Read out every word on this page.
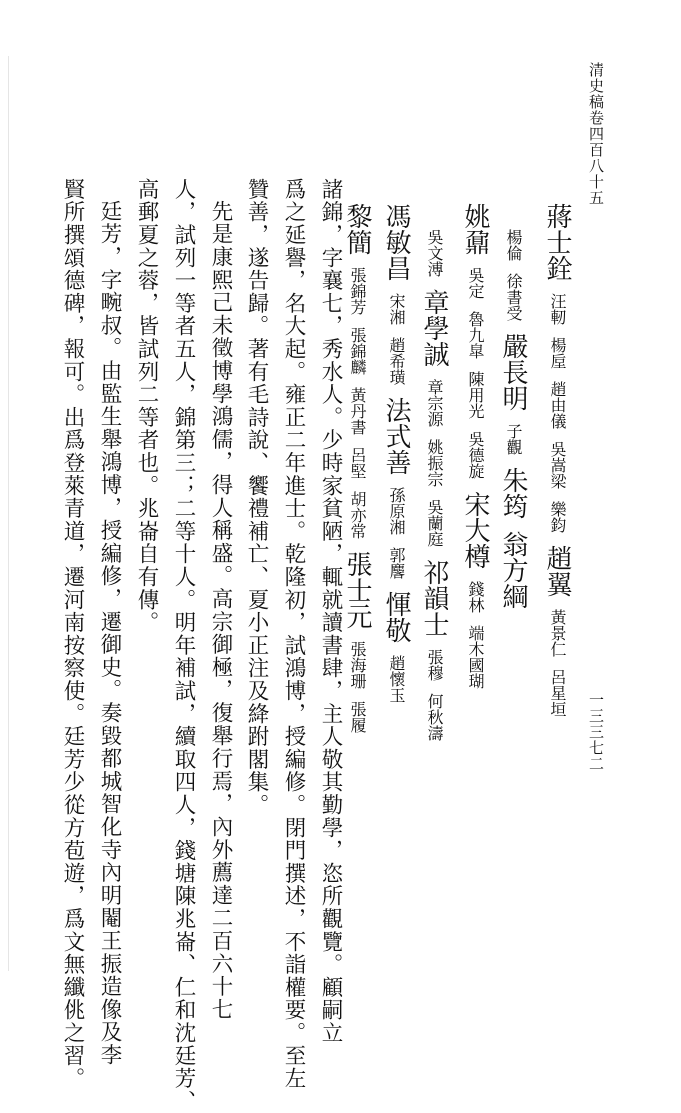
清史稿卷四百八十五
一三三七二
蔣士銓汪軔楊垕趙由儀吳嵩梁樂鈞趙翼黃景仁呂星垣
楊倫徐書受嚴長明子觀朱筠翁方綱
姚鼐吳定魯九皐陳用光吳德旋宋大樽錢林端木國瑚
吳文溥章學誠章宗源姚振宗吳蘭庭祁韻士張穆何秋濤
馮敏昌宋湘趙希璜法式善孫原湘郭麐惲敬趙懷玉
黎簡張錦芳張錦麟黃丹書呂堅胡亦常張士元張海珊張履
諸錦，字襄七，秀水人。少時家貧陋，輒就讀書肆，主人敬其勤學，恣所觀覽。顧嗣立
爲之延譽，名大起。雍正二年進士。乾隆初，試鴻博，授編修。閉門撰述，不詣權要。至左
贊善，遂告歸。著有毛詩說、饗禮補亡、夏小正注及絳跗閣集。
先是康熙己未徵博學鴻儒，得人稱盛。高宗御極，復舉行焉，內外薦達二百六十七
人，試列一等者五人，錦第三；二等十人。明年補試，續取四人，錢塘陳兆崙、仁和沈廷芳、
高郵夏之蓉，皆試列二等者也。兆崙自有傳。
廷芳，字畹叔。由監生舉鴻博，授編修，遷御史。奏毀都城智化寺內明閹王振造像及李
賢所撰頌德碑，報可。出爲登萊青道，遷河南按察使。廷芳少從方苞遊，爲文無纖佻之習。
